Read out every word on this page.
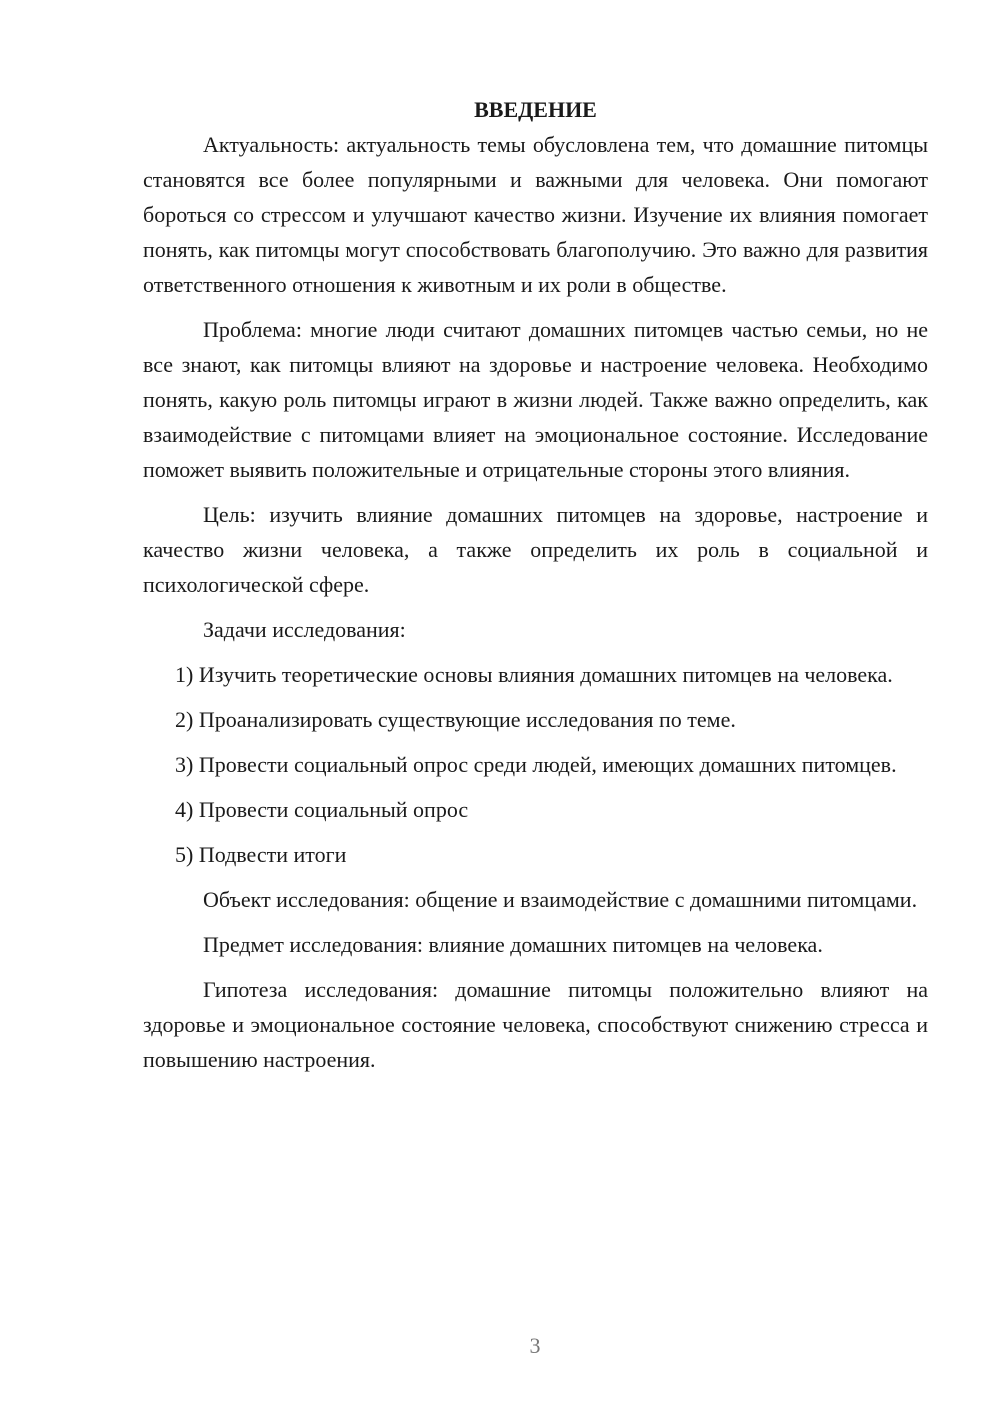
ВВЕДЕНИЕ

Актуальность: актуальность темы обусловлена тем, что домашние питомцы становятся все более популярными и важными для человека. Они помогают бороться со стрессом и улучшают качество жизни. Изучение их влияния помогает понять, как питомцы могут способствовать благополучию. Это важно для развития ответственного отношения к животным и их роли в обществе.

Проблема: многие люди считают домашних питомцев частью семьи, но не все знают, как питомцы влияют на здоровье и настроение человека. Необходимо понять, какую роль питомцы играют в жизни людей. Также важно определить, как взаимодействие с питомцами влияет на эмоциональное состояние. Исследование поможет выявить положительные и отрицательные стороны этого влияния.

Цель: изучить влияние домашних питомцев на здоровье, настроение и качество жизни человека, а также определить их роль в социальной и психологической сфере.

Задачи исследования:

1) Изучить теоретические основы влияния домашних питомцев на человека.

2) Проанализировать существующие исследования по теме.

3) Провести социальный опрос среди людей, имеющих домашних питомцев.

4) Провести социальный опрос

5) Подвести итоги

Объект исследования: общение и взаимодействие с домашними питомцами.

Предмет исследования: влияние домашних питомцев на человека.

Гипотеза исследования: домашние питомцы положительно влияют на здоровье и эмоциональное состояние человека, способствуют снижению стресса и повышению настроения.

3
